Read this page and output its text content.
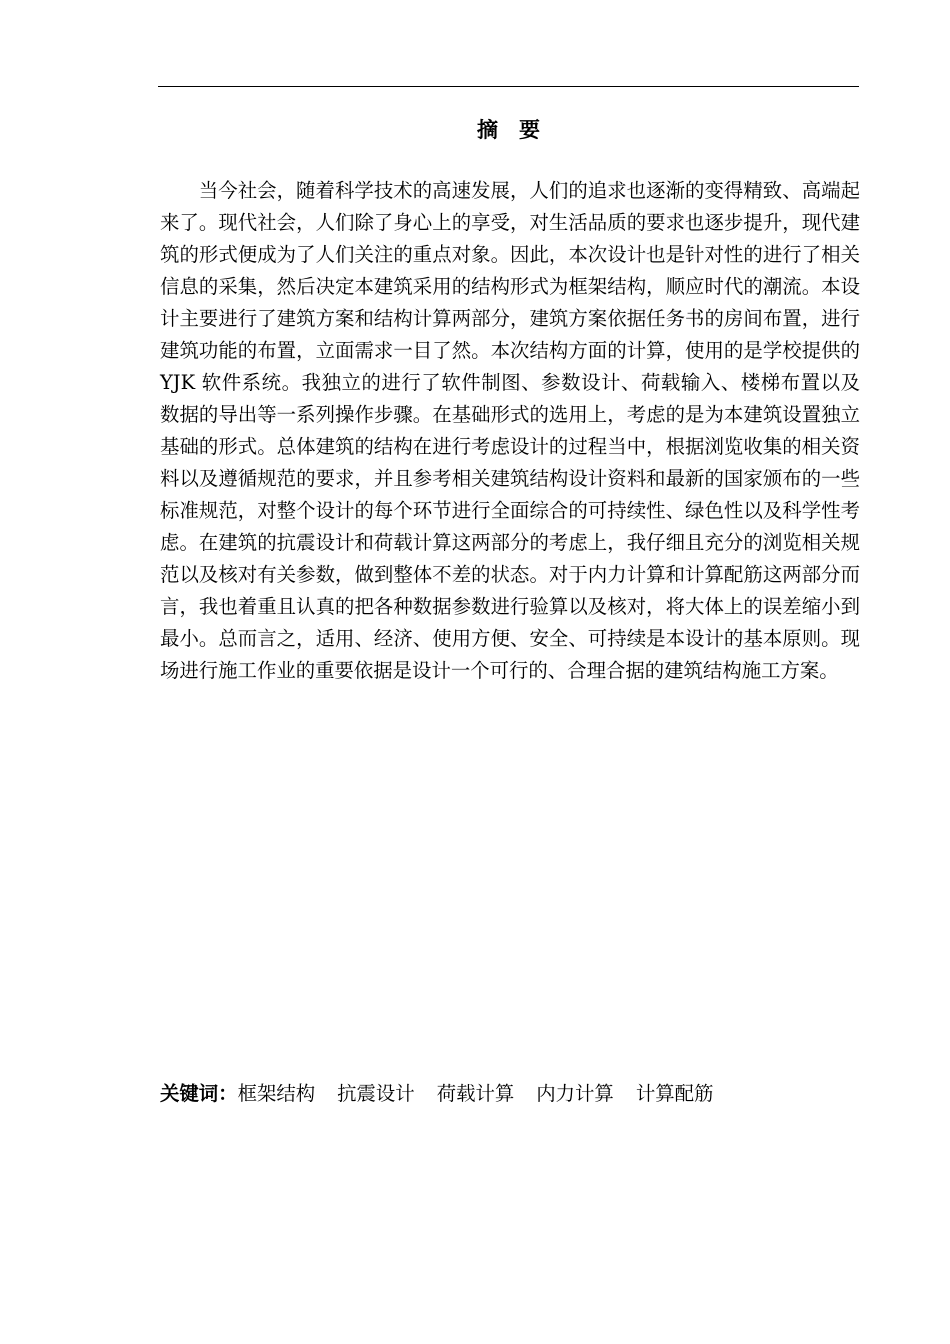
摘 要

当今社会，随着科学技术的高速发展，人们的追求也逐渐的变得精致、高端起来了。现代社会，人们除了身心上的享受，对生活品质的要求也逐步提升，现代建筑的形式便成为了人们关注的重点对象。因此，本次设计也是针对性的进行了相关信息的采集，然后决定本建筑采用的结构形式为框架结构，顺应时代的潮流。本设计主要进行了建筑方案和结构计算两部分，建筑方案依据任务书的房间布置，进行建筑功能的布置，立面需求一目了然。本次结构方面的计算，使用的是学校提供的YJK 软件系统。我独立的进行了软件制图、参数设计、荷载输入、楼梯布置以及数据的导出等一系列操作步骤。在基础形式的选用上，考虑的是为本建筑设置独立基础的形式。总体建筑的结构在进行考虑设计的过程当中，根据浏览收集的相关资料以及遵循规范的要求，并且参考相关建筑结构设计资料和最新的国家颁布的一些标准规范，对整个设计的每个环节进行全面综合的可持续性、绿色性以及科学性考虑。在建筑的抗震设计和荷载计算这两部分的考虑上，我仔细且充分的浏览相关规范以及核对有关参数，做到整体不差的状态。对于内力计算和计算配筋这两部分而言，我也着重且认真的把各种数据参数进行验算以及核对，将大体上的误差缩小到最小。总而言之，适用、经济、使用方便、安全、可持续是本设计的基本原则。现场进行施工作业的重要依据是设计一个可行的、合理合据的建筑结构施工方案。

关键词：框架结构 抗震设计 荷载计算 内力计算 计算配筋
